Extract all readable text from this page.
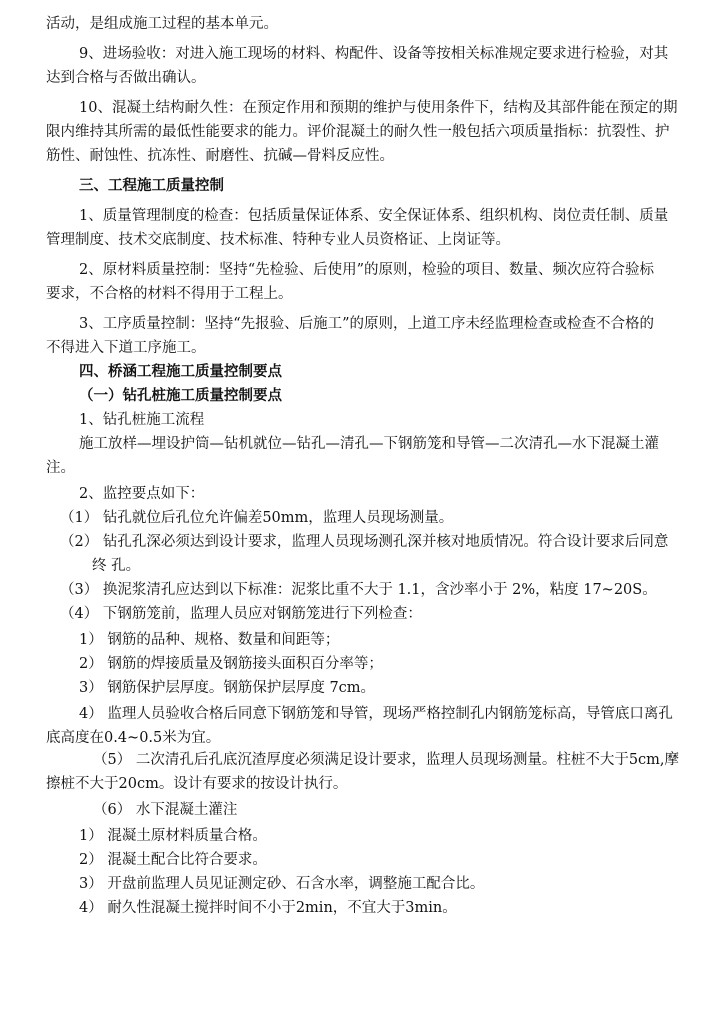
活动，是组成施工过程的基本单元。
9、进场验收：对进入施工现场的材料、构配件、设备等按相关标准规定要求进行检验，对其
达到合格与否做出确认。
10、混凝土结构耐久性：在预定作用和预期的维护与使用条件下，结构及其部件能在预定的期
限内维持其所需的最低性能要求的能力。评价混凝土的耐久性一般包括六项质量指标：抗裂性、护
筋性、耐蚀性、抗冻性、耐磨性、抗碱—骨料反应性。
三、工程施工质量控制
1、质量管理制度的检查：包括质量保证体系、安全保证体系、组织机构、岗位责任制、质量
管理制度、技术交底制度、技术标准、特种专业人员资格证、上岗证等。
2、原材料质量控制：坚持“先检验、后使用”的原则，检验的项目、数量、频次应符合验标
要求，不合格的材料不得用于工程上。
3、工序质量控制：坚持“先报验、后施工”的原则，上道工序未经监理检查或检查不合格的
不得进入下道工序施工。
四、桥涵工程施工质量控制要点
（一）钻孔桩施工质量控制要点
1、钻孔桩施工流程
施工放样—埋设护筒—钻机就位—钻孔—清孔—下钢筋笼和导管—二次清孔—水下混凝土灌
注。
2、监控要点如下：
（1） 钻孔就位后孔位允许偏差50mm，监理人员现场测量。
（2） 钻孔孔深必须达到设计要求，监理人员现场测孔深并核对地质情况。符合设计要求后同意
终 孔。
（3） 换泥浆清孔应达到以下标准：泥浆比重不大于 1.1，含沙率小于 2%，粘度 17~20S。
（4） 下钢筋笼前，监理人员应对钢筋笼进行下列检查：
1） 钢筋的品种、规格、数量和间距等；
2） 钢筋的焊接质量及钢筋接头面积百分率等；
3） 钢筋保护层厚度。钢筋保护层厚度 7cm。
4） 监理人员验收合格后同意下钢筋笼和导管，现场严格控制孔内钢筋笼标高，导管底口离孔
底高度在0.4~0.5米为宜。
（5） 二次清孔后孔底沉渣厚度必须满足设计要求，监理人员现场测量。柱桩不大于5cm,摩
擦桩不大于20cm。设计有要求的按设计执行。
（6） 水下混凝土灌注
1） 混凝土原材料质量合格。
2） 混凝土配合比符合要求。
3） 开盘前监理人员见证测定砂、石含水率，调整施工配合比。
4） 耐久性混凝土搅拌时间不小于2min，不宜大于3min。
